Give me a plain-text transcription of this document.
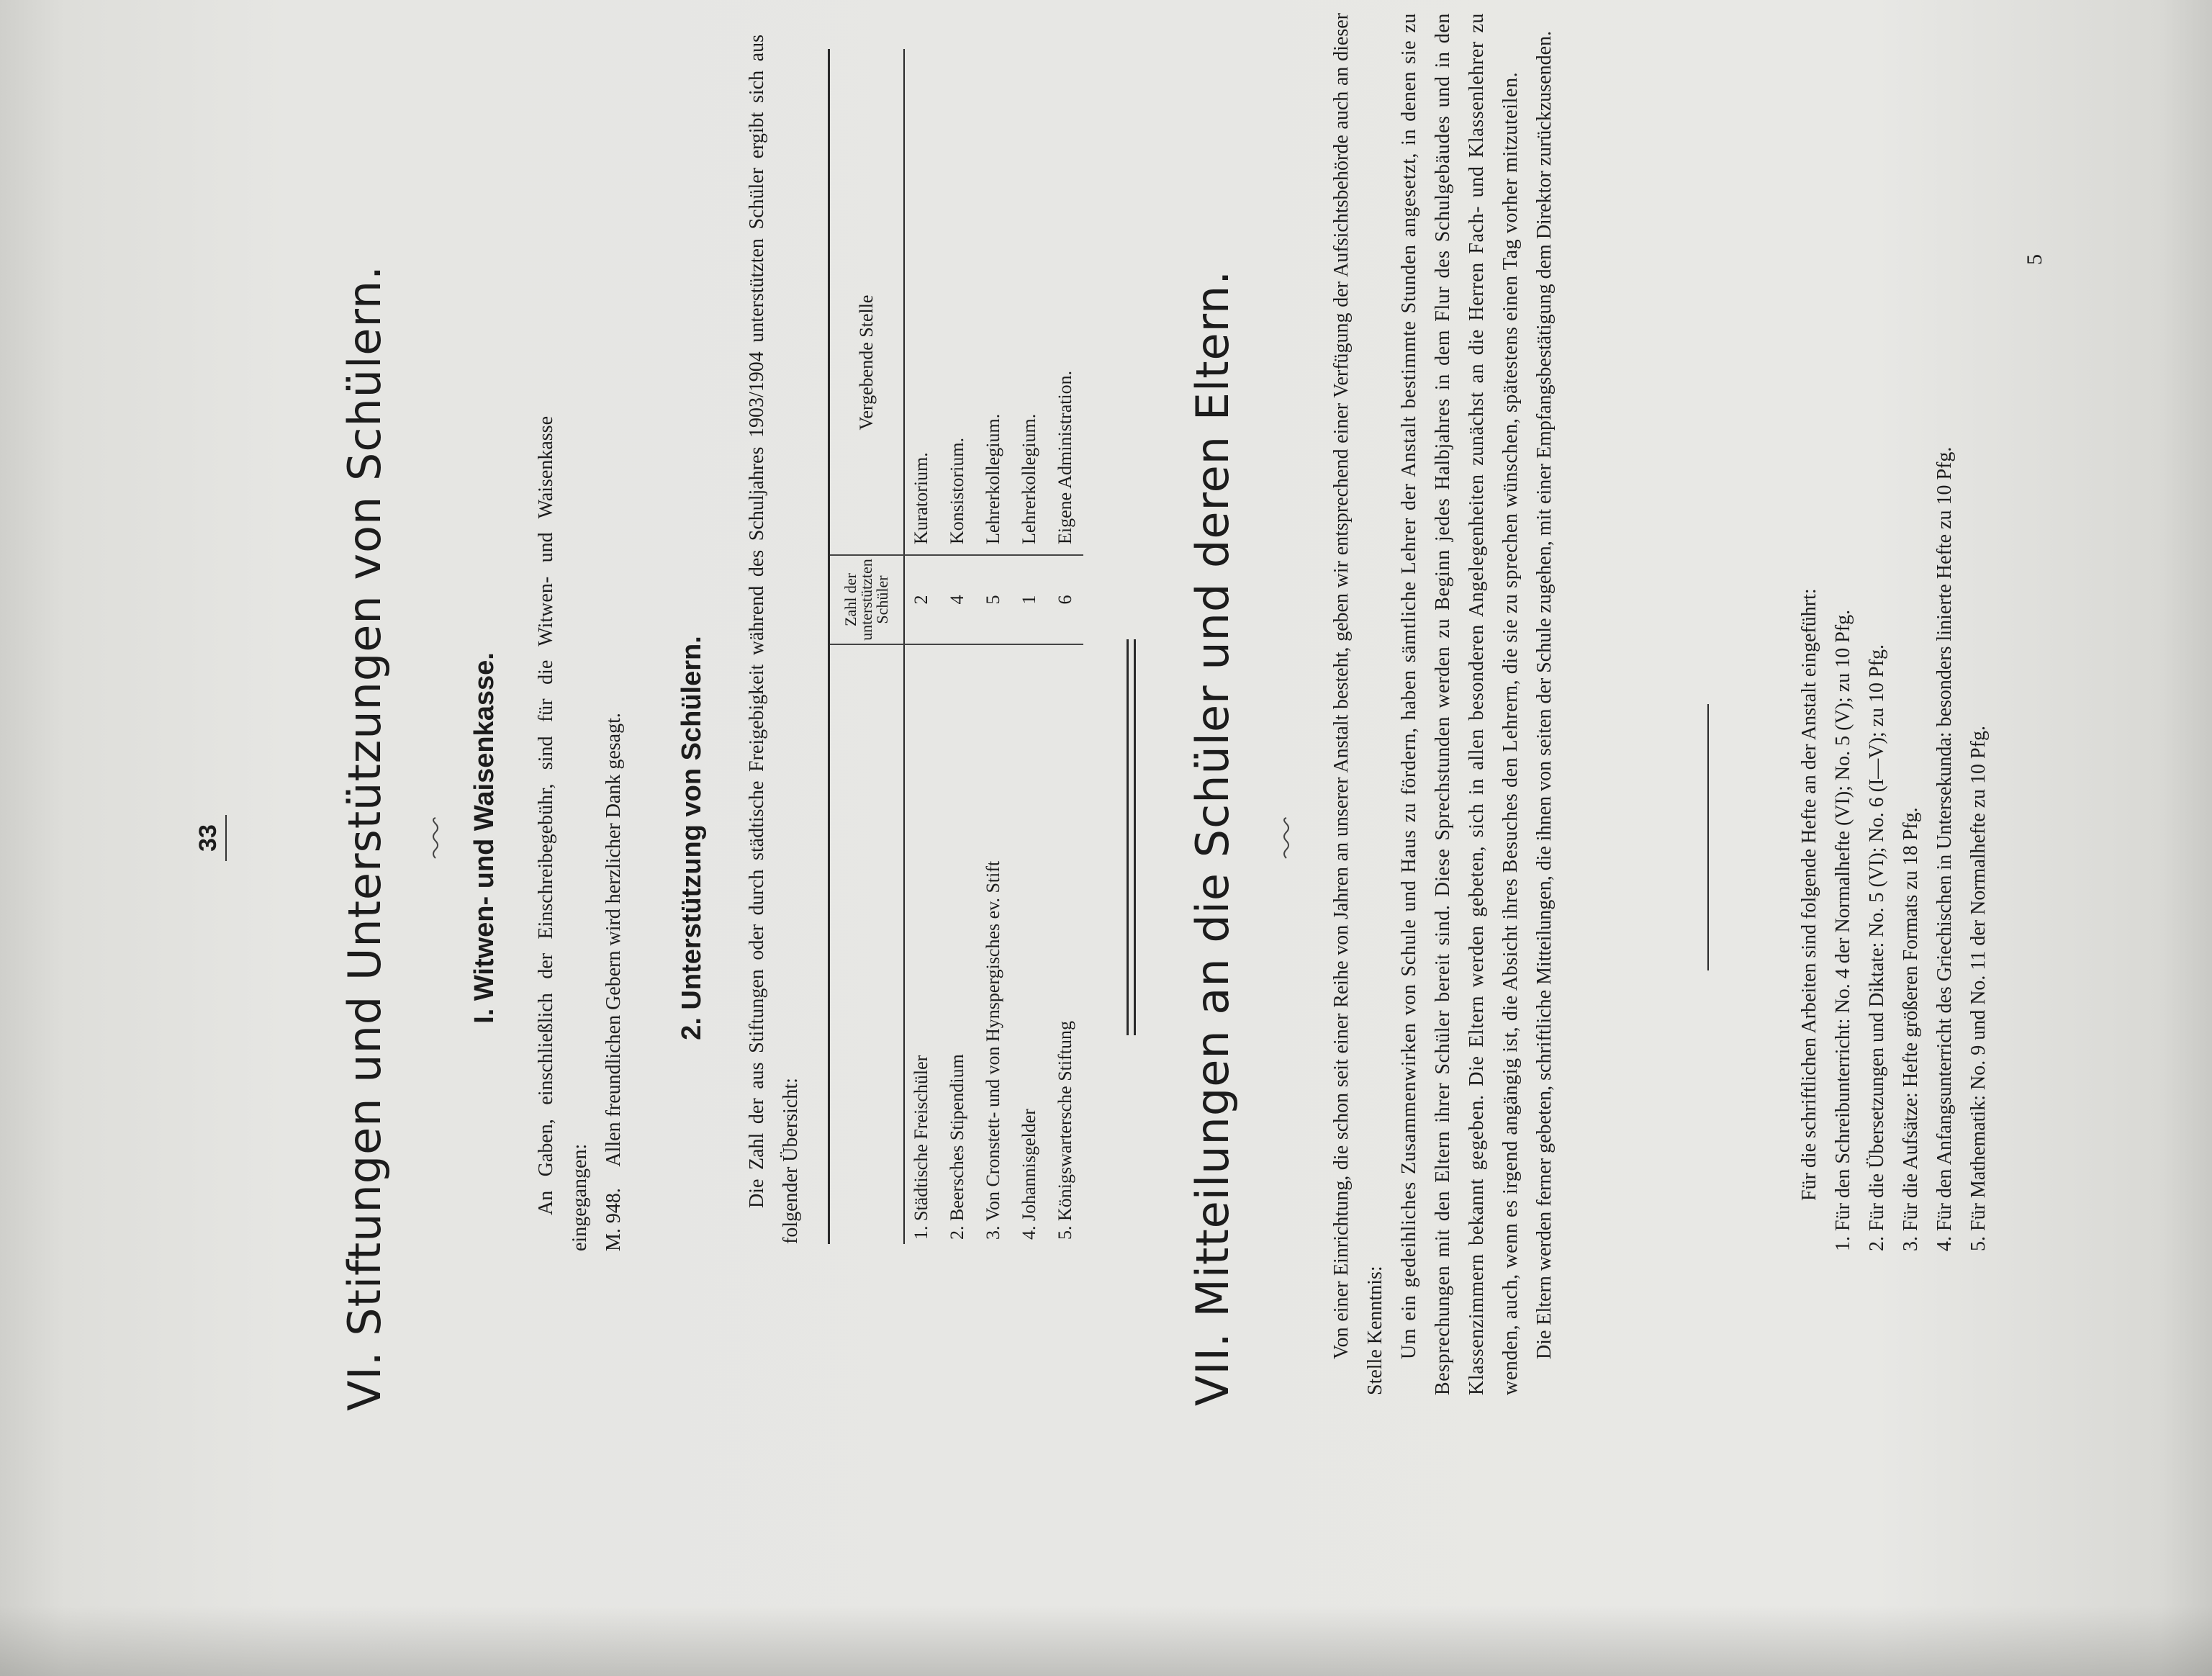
33	VI. Stiftungen und Unterstützungen von Schülern.	I. Witwen- und Waisenkasse. An Gaben, einschließlich der Einschreibegebühr, sind für die Witwen- und Waisenkasse eingegangen: M. 948. Allen freundlichen Gebern wird herzlicher Dank gesagt. 2. Unterstützung von Schülern. Die Zahl der aus Stiftungen oder durch städtische Freigebigkeit während des Schuljahres 1903/1904 unterstützten Schüler ergibt sich aus folgender Übersicht:

	Zahl der unterstützten Schüler	Vergebende Stelle
1. Städtische Freischüler	2	Kuratorium.
2. Beersches Stipendium	4	Konsistorium.
3. Von Cronstett- und von Hynspergisches ev. Stift	5	Lehrerkollegium.
4. Johannisgelder	1	Lehrerkollegium.
5. Königswartersche Stiftung	6	Eigene Administration. VII. Mitteilungen an die Schüler und deren Eltern.	Von einer Einrichtung, die schon seit einer Reihe von Jahren an unserer Anstalt besteht, geben wir entsprechend einer Verfügung der Aufsichtsbehörde auch an dieser Stelle Kenntnis: Um ein gedeihliches Zusammenwirken von Schule und Haus zu fördern, haben sämtliche Lehrer der Anstalt bestimmte Stunden angesetzt, in denen sie zu Besprechungen mit den Eltern ihrer Schüler bereit sind. Diese Sprechstunden werden zu Beginn jedes Halbjahres in dem Flur des Schulgebäudes und in den Klassenzimmern bekannt gegeben. Die Eltern werden gebeten, sich in allen besonderen Angelegenheiten zunächst an die Herren Fach- und Klassenlehrer zu wenden, auch, wenn es irgend angängig ist, die Absicht ihres Besuches den Lehrern, die sie zu sprechen wünschen, spätestens einen Tag vorher mitzuteilen. Die Eltern werden ferner gebeten, schriftliche Mitteilungen, die ihnen von seiten der Schule zugehen, mit einer Empfangsbestätigung dem Direktor zurückzusenden.	Für die schriftlichen Arbeiten sind folgende Hefte an der Anstalt eingeführt: 1. Für den Schreibunterricht: No. 4 der Normalhefte (VI); No. 5 (V); zu 10 Pfg. 2. Für die Übersetzungen und Diktate: No. 5 (VI); No. 6 (I—V); zu 10 Pfg. 3. Für die Aufsätze: Hefte größeren Formats zu 18 Pfg. 4. Für den Anfangsunterricht des Griechischen in Untersekunda: besonders linierte Hefte zu 10 Pfg. 5. Für Mathematik: No. 9 und No. 11 der Normalhefte zu 10 Pfg.
5
